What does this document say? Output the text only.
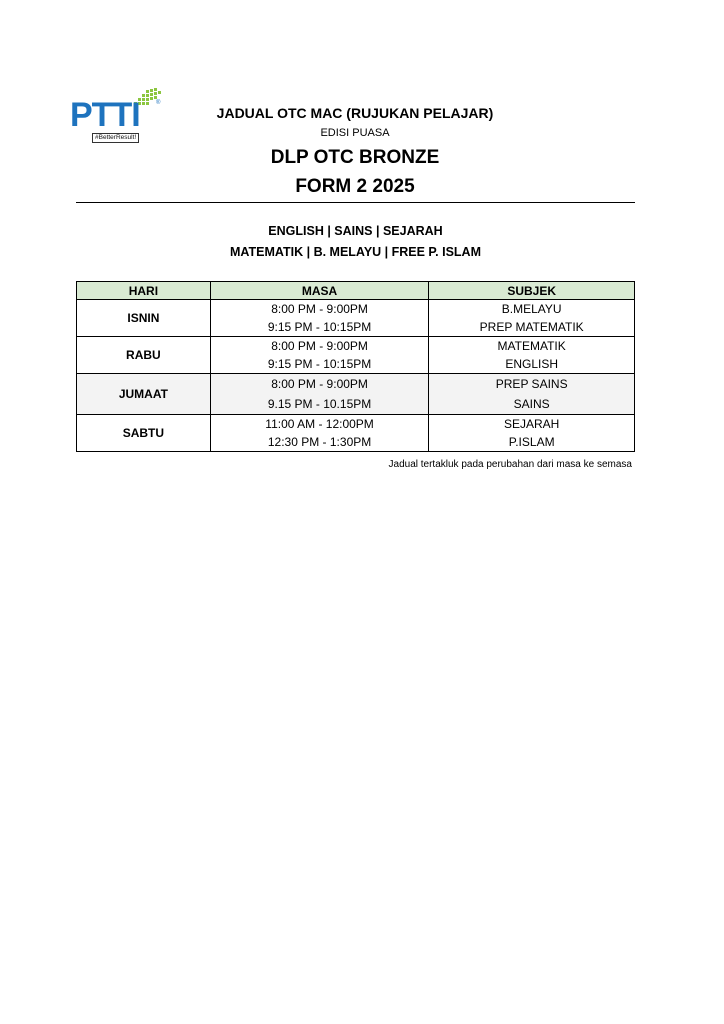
PTTI	®
#BetterResult!
JADUAL OTC MAC (RUJUKAN PELAJAR)
EDISI PUASA
DLP OTC BRONZE
FORM 2 2025
ENGLISH | SAINS | SEJARAH
MATEMATIK | B. MELAYU | FREE P. ISLAM
HARI	MASA	SUBJEK
ISNIN	8:00 PM - 9:00PM	B.MELAYU
	9:15 PM - 10:15PM	PREP MATEMATIK
RABU	8:00 PM - 9:00PM	MATEMATIK
	9:15 PM - 10:15PM	ENGLISH
JUMAAT	8:00 PM - 9:00PM	PREP SAINS
	9.15 PM - 10.15PM	SAINS
SABTU	11:00 AM - 12:00PM	SEJARAH
	12:30 PM - 1:30PM	P.ISLAM
Jadual tertakluk pada perubahan dari masa ke semasa
